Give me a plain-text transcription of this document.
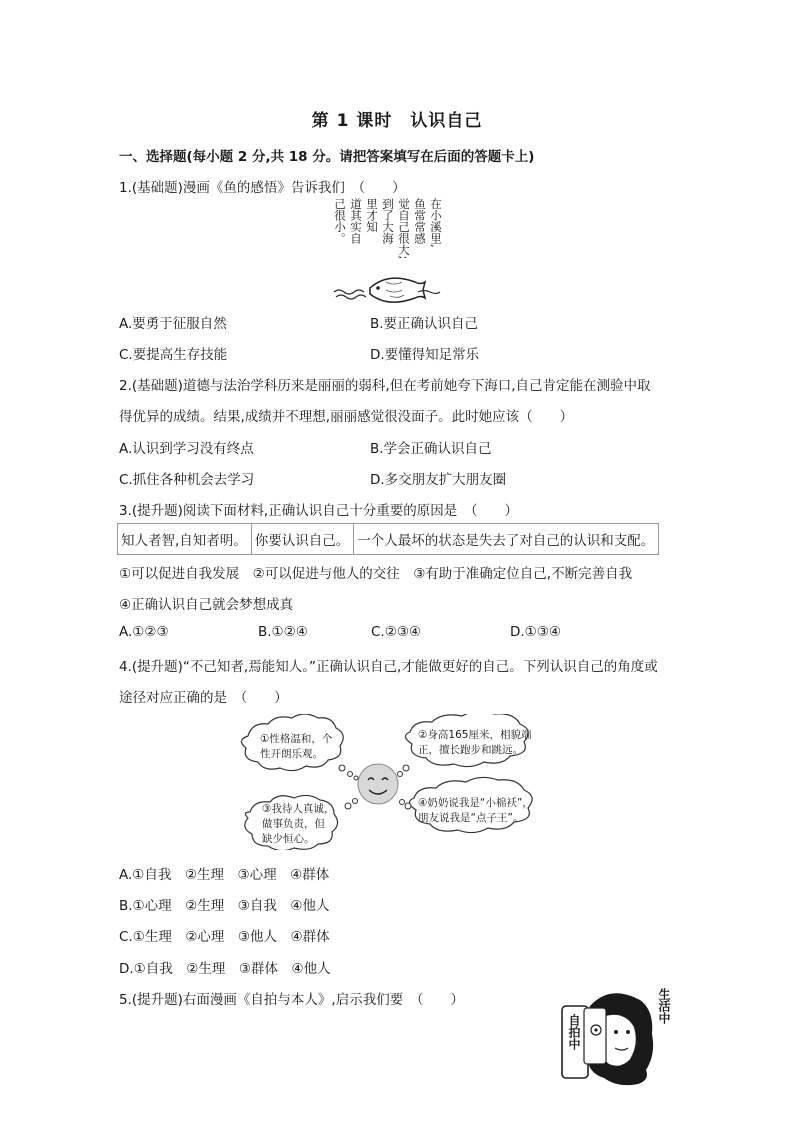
第 1 课时　认识自己
一、选择题(每小题 2 分,共 18 分。请把答案填写在后面的答题卡上)
1.(基础题)漫画《鱼的感悟》告诉我们　（　　）
在小溪里,
鱼常常感
觉自己很大;
到了大海
里才知
道其实自
己很小。
A.要勇于征服自然	B.要正确认识自己
C.要提高生存技能	D.要懂得知足常乐
2.(基础题)道德与法治学科历来是丽丽的弱科,但在考前她夸下海口,自己肯定能在测验中取
得优异的成绩。结果,成绩并不理想,丽丽感觉很没面子。此时她应该（　　）
A.认识到学习没有终点	B.学会正确认识自己
C.抓住各种机会去学习	D.多交朋友扩大朋友圈
3.(提升题)阅读下面材料,正确认识自己十分重要的原因是　（　　）
知人者智,自知者明。	你要认识自己。	一个人最坏的状态是失去了对自己的认识和支配。
①可以促进自我发展　②可以促进与他人的交往　③有助于准确定位自己,不断完善自我
④正确认识自己就会梦想成真
A.①②③	B.①②④	C.②③④	D.①③④
4.(提升题)“不己知者,焉能知人。”正确认识自己,才能做更好的自己。下列认识自己的角度或
途径对应正确的是　（　　）
①性格温和，个
性开朗乐观。
②身高165厘米，相貌端
正，擅长跑步和跳远。
③我待人真诚，
做事负责，但
缺少恒心。
④奶奶说我是“小棉袄”，
朋友说我是“点子王”。
A.①自我　②生理　③心理　④群体
B.①心理　②生理　③自我　④他人
C.①生理　②心理　③他人　④群体
D.①自我　②生理　③群体　④他人
5.(提升题)右面漫画《自拍与本人》,启示我们要　（　　）
自拍中
生活中
